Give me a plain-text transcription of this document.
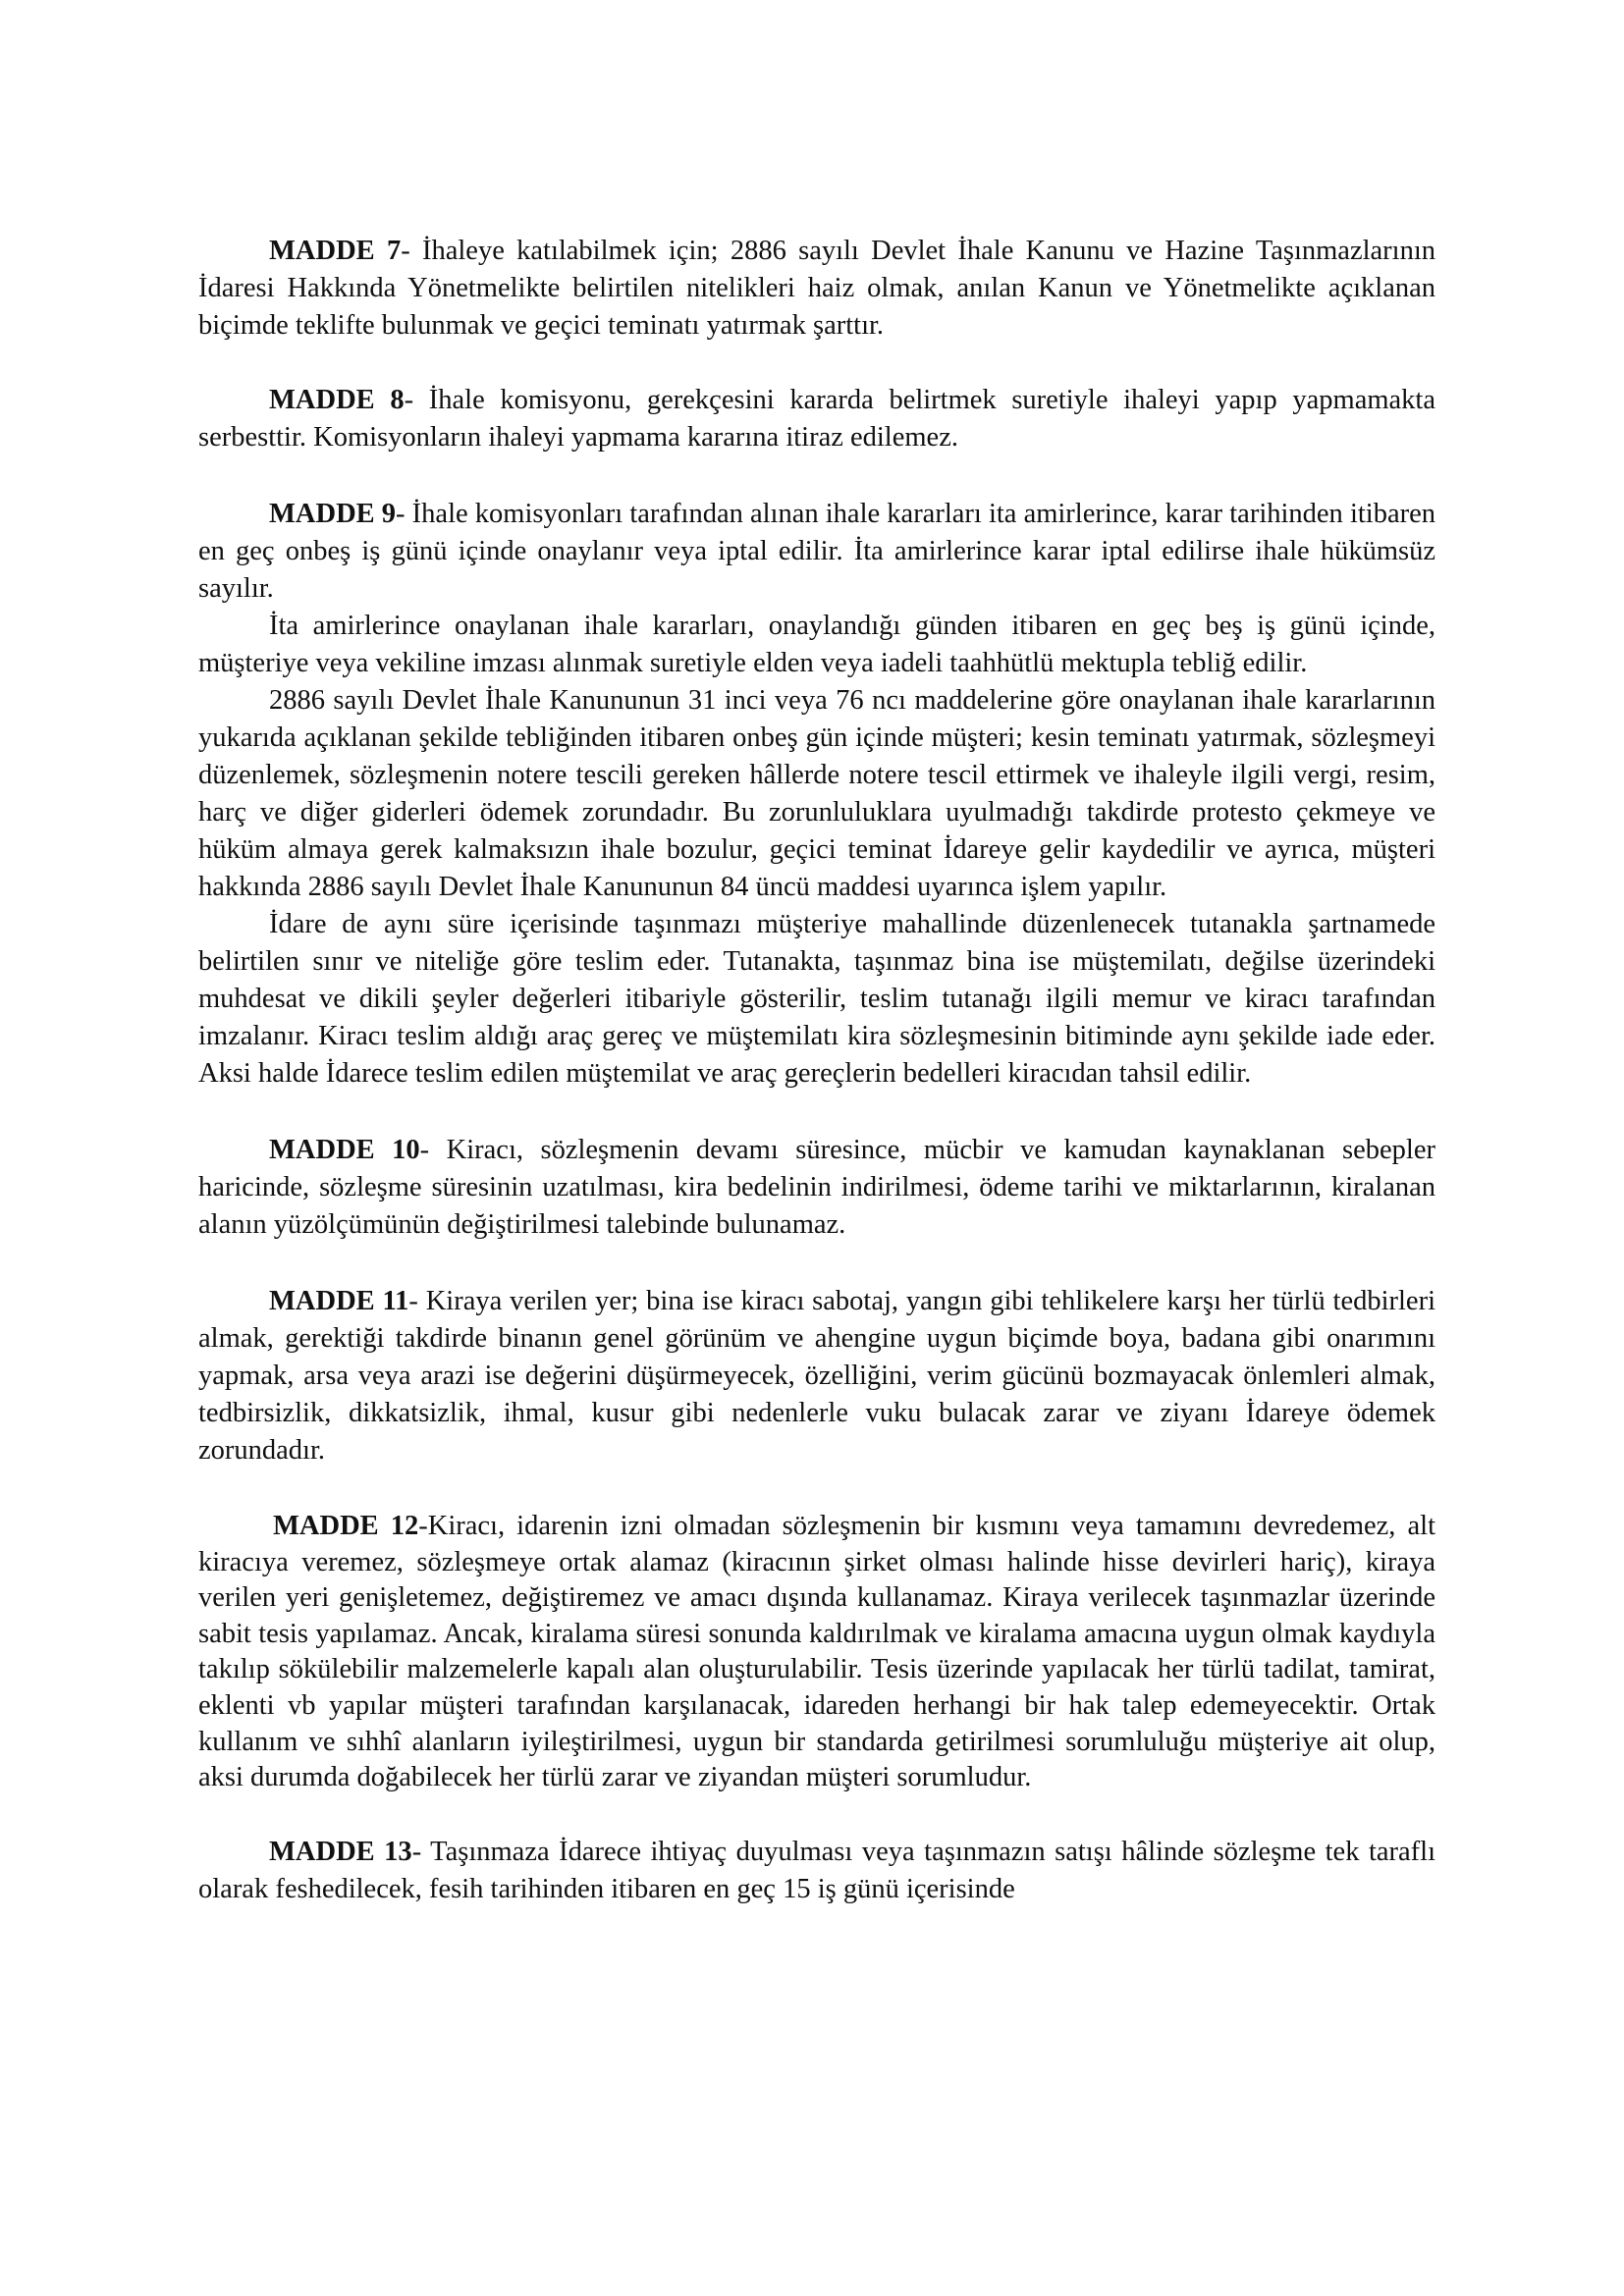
MADDE 7- İhaleye katılabilmek için; 2886 sayılı Devlet İhale Kanunu ve Hazine Taşınmazlarının İdaresi Hakkında Yönetmelikte belirtilen nitelikleri haiz olmak, anılan Kanun ve Yönetmelikte açıklanan biçimde teklifte bulunmak ve geçici teminatı yatırmak şarttır.

MADDE 8- İhale komisyonu, gerekçesini kararda belirtmek suretiyle ihaleyi yapıp yapmamakta serbesttir. Komisyonların ihaleyi yapmama kararına itiraz edilemez.

MADDE 9- İhale komisyonları tarafından alınan ihale kararları ita amirlerince, karar tarihinden itibaren en geç onbeş iş günü içinde onaylanır veya iptal edilir. İta amirlerince karar iptal edilirse ihale hükümsüz sayılır.

İta amirlerince onaylanan ihale kararları, onaylandığı günden itibaren en geç beş iş günü içinde, müşteriye veya vekiline imzası alınmak suretiyle elden veya iadeli taahhütlü mektupla tebliğ edilir.

2886 sayılı Devlet İhale Kanununun 31 inci veya 76 ncı maddelerine göre onaylanan ihale kararlarının yukarıda açıklanan şekilde tebliğinden itibaren onbeş gün içinde müşteri; kesin teminatı yatırmak, sözleşmeyi düzenlemek, sözleşmenin notere tescili gereken hâllerde notere tescil ettirmek ve ihaleyle ilgili vergi, resim, harç ve diğer giderleri ödemek zorundadır. Bu zorunluluklara uyulmadığı takdirde protesto çekmeye ve hüküm almaya gerek kalmaksızın ihale bozulur, geçici teminat İdareye gelir kaydedilir ve ayrıca, müşteri hakkında 2886 sayılı Devlet İhale Kanununun 84 üncü maddesi uyarınca işlem yapılır.

İdare de aynı süre içerisinde taşınmazı müşteriye mahallinde düzenlenecek tutanakla şartnamede belirtilen sınır ve niteliğe göre teslim eder. Tutanakta, taşınmaz bina ise müştemilatı, değilse üzerindeki muhdesat ve dikili şeyler değerleri itibariyle gösterilir, teslim tutanağı ilgili memur ve kiracı tarafından imzalanır. Kiracı teslim aldığı araç gereç ve müştemilatı kira sözleşmesinin bitiminde aynı şekilde iade eder. Aksi halde İdarece teslim edilen müştemilat ve araç gereçlerin bedelleri kiracıdan tahsil edilir.

MADDE 10- Kiracı, sözleşmenin devamı süresince, mücbir ve kamudan kaynaklanan sebepler haricinde, sözleşme süresinin uzatılması, kira bedelinin indirilmesi, ödeme tarihi ve miktarlarının, kiralanan alanın yüzölçümünün değiştirilmesi talebinde bulunamaz.

MADDE 11- Kiraya verilen yer; bina ise kiracı sabotaj, yangın gibi tehlikelere karşı her türlü tedbirleri almak, gerektiği takdirde binanın genel görünüm ve ahengine uygun biçimde boya, badana gibi onarımını yapmak, arsa veya arazi ise değerini düşürmeyecek, özelliğini, verim gücünü bozmayacak önlemleri almak, tedbirsizlik, dikkatsizlik, ihmal, kusur gibi nedenlerle vuku bulacak zarar ve ziyanı İdareye ödemek zorundadır.

MADDE 12-Kiracı, idarenin izni olmadan sözleşmenin bir kısmını veya tamamını devredemez, alt kiracıya veremez, sözleşmeye ortak alamaz (kiracının şirket olması halinde hisse devirleri hariç), kiraya verilen yeri genişletemez, değiştiremez ve amacı dışında kullanamaz. Kiraya verilecek taşınmazlar üzerinde sabit tesis yapılamaz. Ancak, kiralama süresi sonunda kaldırılmak ve kiralama amacına uygun olmak kaydıyla takılıp sökülebilir malzemelerle kapalı alan oluşturulabilir. Tesis üzerinde yapılacak her türlü tadilat, tamirat, eklenti vb yapılar müşteri tarafından karşılanacak, idareden herhangi bir hak talep edemeyecektir. Ortak kullanım ve sıhhî alanların iyileştirilmesi, uygun bir standarda getirilmesi sorumluluğu müşteriye ait olup, aksi durumda doğabilecek her türlü zarar ve ziyandan müşteri sorumludur.

MADDE 13- Taşınmaza İdarece ihtiyaç duyulması veya taşınmazın satışı hâlinde sözleşme tek taraflı olarak feshedilecek, fesih tarihinden itibaren en geç 15 iş günü içerisinde
